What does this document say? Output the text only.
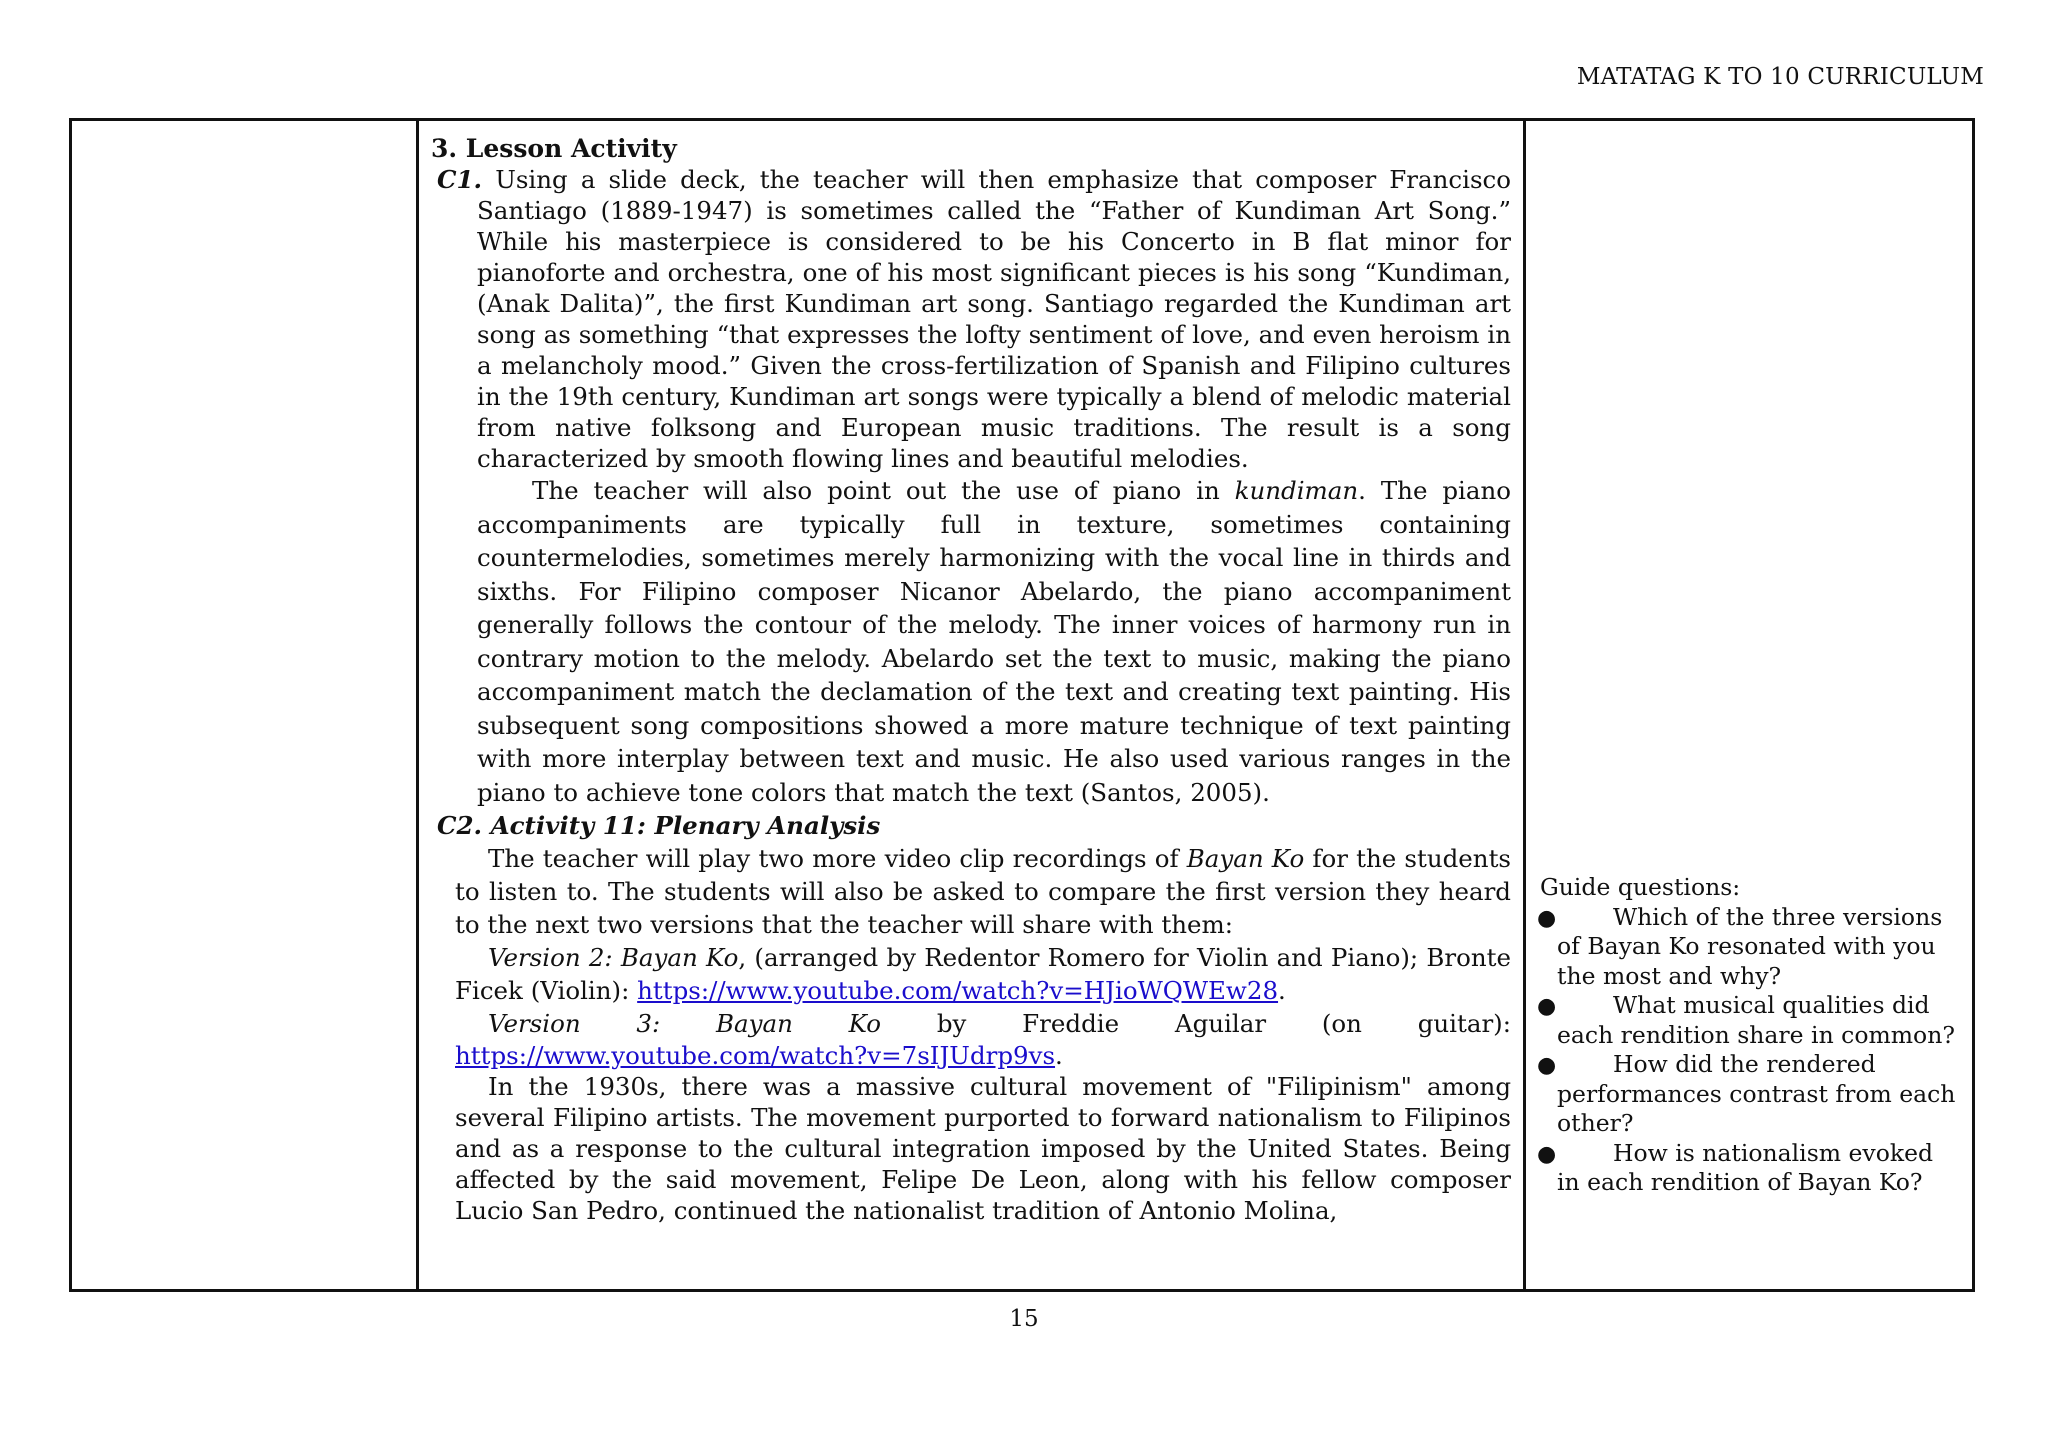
MATATAG K TO 10 CURRICULUM
3. Lesson Activity
C1. Using a slide deck, the teacher will then emphasize that composer Francisco Santiago (1889-1947) is sometimes called the “Father of Kundiman Art Song.” While his masterpiece is considered to be his Concerto in B flat minor for pianoforte and orchestra, one of his most significant pieces is his song “Kundiman, (Anak Dalita)”, the first Kundiman art song. Santiago regarded the Kundiman art song as something “that expresses the lofty sentiment of love, and even heroism in a melancholy mood.” Given the cross-fertilization of Spanish and Filipino cultures in the 19th century, Kundiman art songs were typically a blend of melodic material from native folksong and European music traditions. The result is a song characterized by smooth flowing lines and beautiful melodies.
The teacher will also point out the use of piano in kundiman. The piano accompaniments are typically full in texture, sometimes containing countermelodies, sometimes merely harmonizing with the vocal line in thirds and sixths. For Filipino composer Nicanor Abelardo, the piano accompaniment generally follows the contour of the melody. The inner voices of harmony run in contrary motion to the melody. Abelardo set the text to music, making the piano accompaniment match the declamation of the text and creating text painting. His subsequent song compositions showed a more mature technique of text painting with more interplay between text and music. He also used various ranges in the piano to achieve tone colors that match the text (Santos, 2005).
C2. Activity 11: Plenary Analysis
The teacher will play two more video clip recordings of Bayan Ko for the students to listen to. The students will also be asked to compare the first version they heard to the next two versions that the teacher will share with them:
Version 2: Bayan Ko, (arranged by Redentor Romero for Violin and Piano); Bronte Ficek (Violin): https://www.youtube.com/watch?v=HJioWQWEw28.
Version 3: Bayan Ko by Freddie Aguilar (on guitar):
https://www.youtube.com/watch?v=7sIJUdrp9vs.
In the 1930s, there was a massive cultural movement of "Filipinism" among several Filipino artists. The movement purported to forward nationalism to Filipinos and as a response to the cultural integration imposed by the United States. Being affected by the said movement, Felipe De Leon, along with his fellow composer Lucio San Pedro, continued the nationalist tradition of Antonio Molina,
Guide questions:
● Which of the three versions of Bayan Ko resonated with you the most and why?
● What musical qualities did each rendition share in common?
● How did the rendered performances contrast from each other?
● How is nationalism evoked in each rendition of Bayan Ko?
15
